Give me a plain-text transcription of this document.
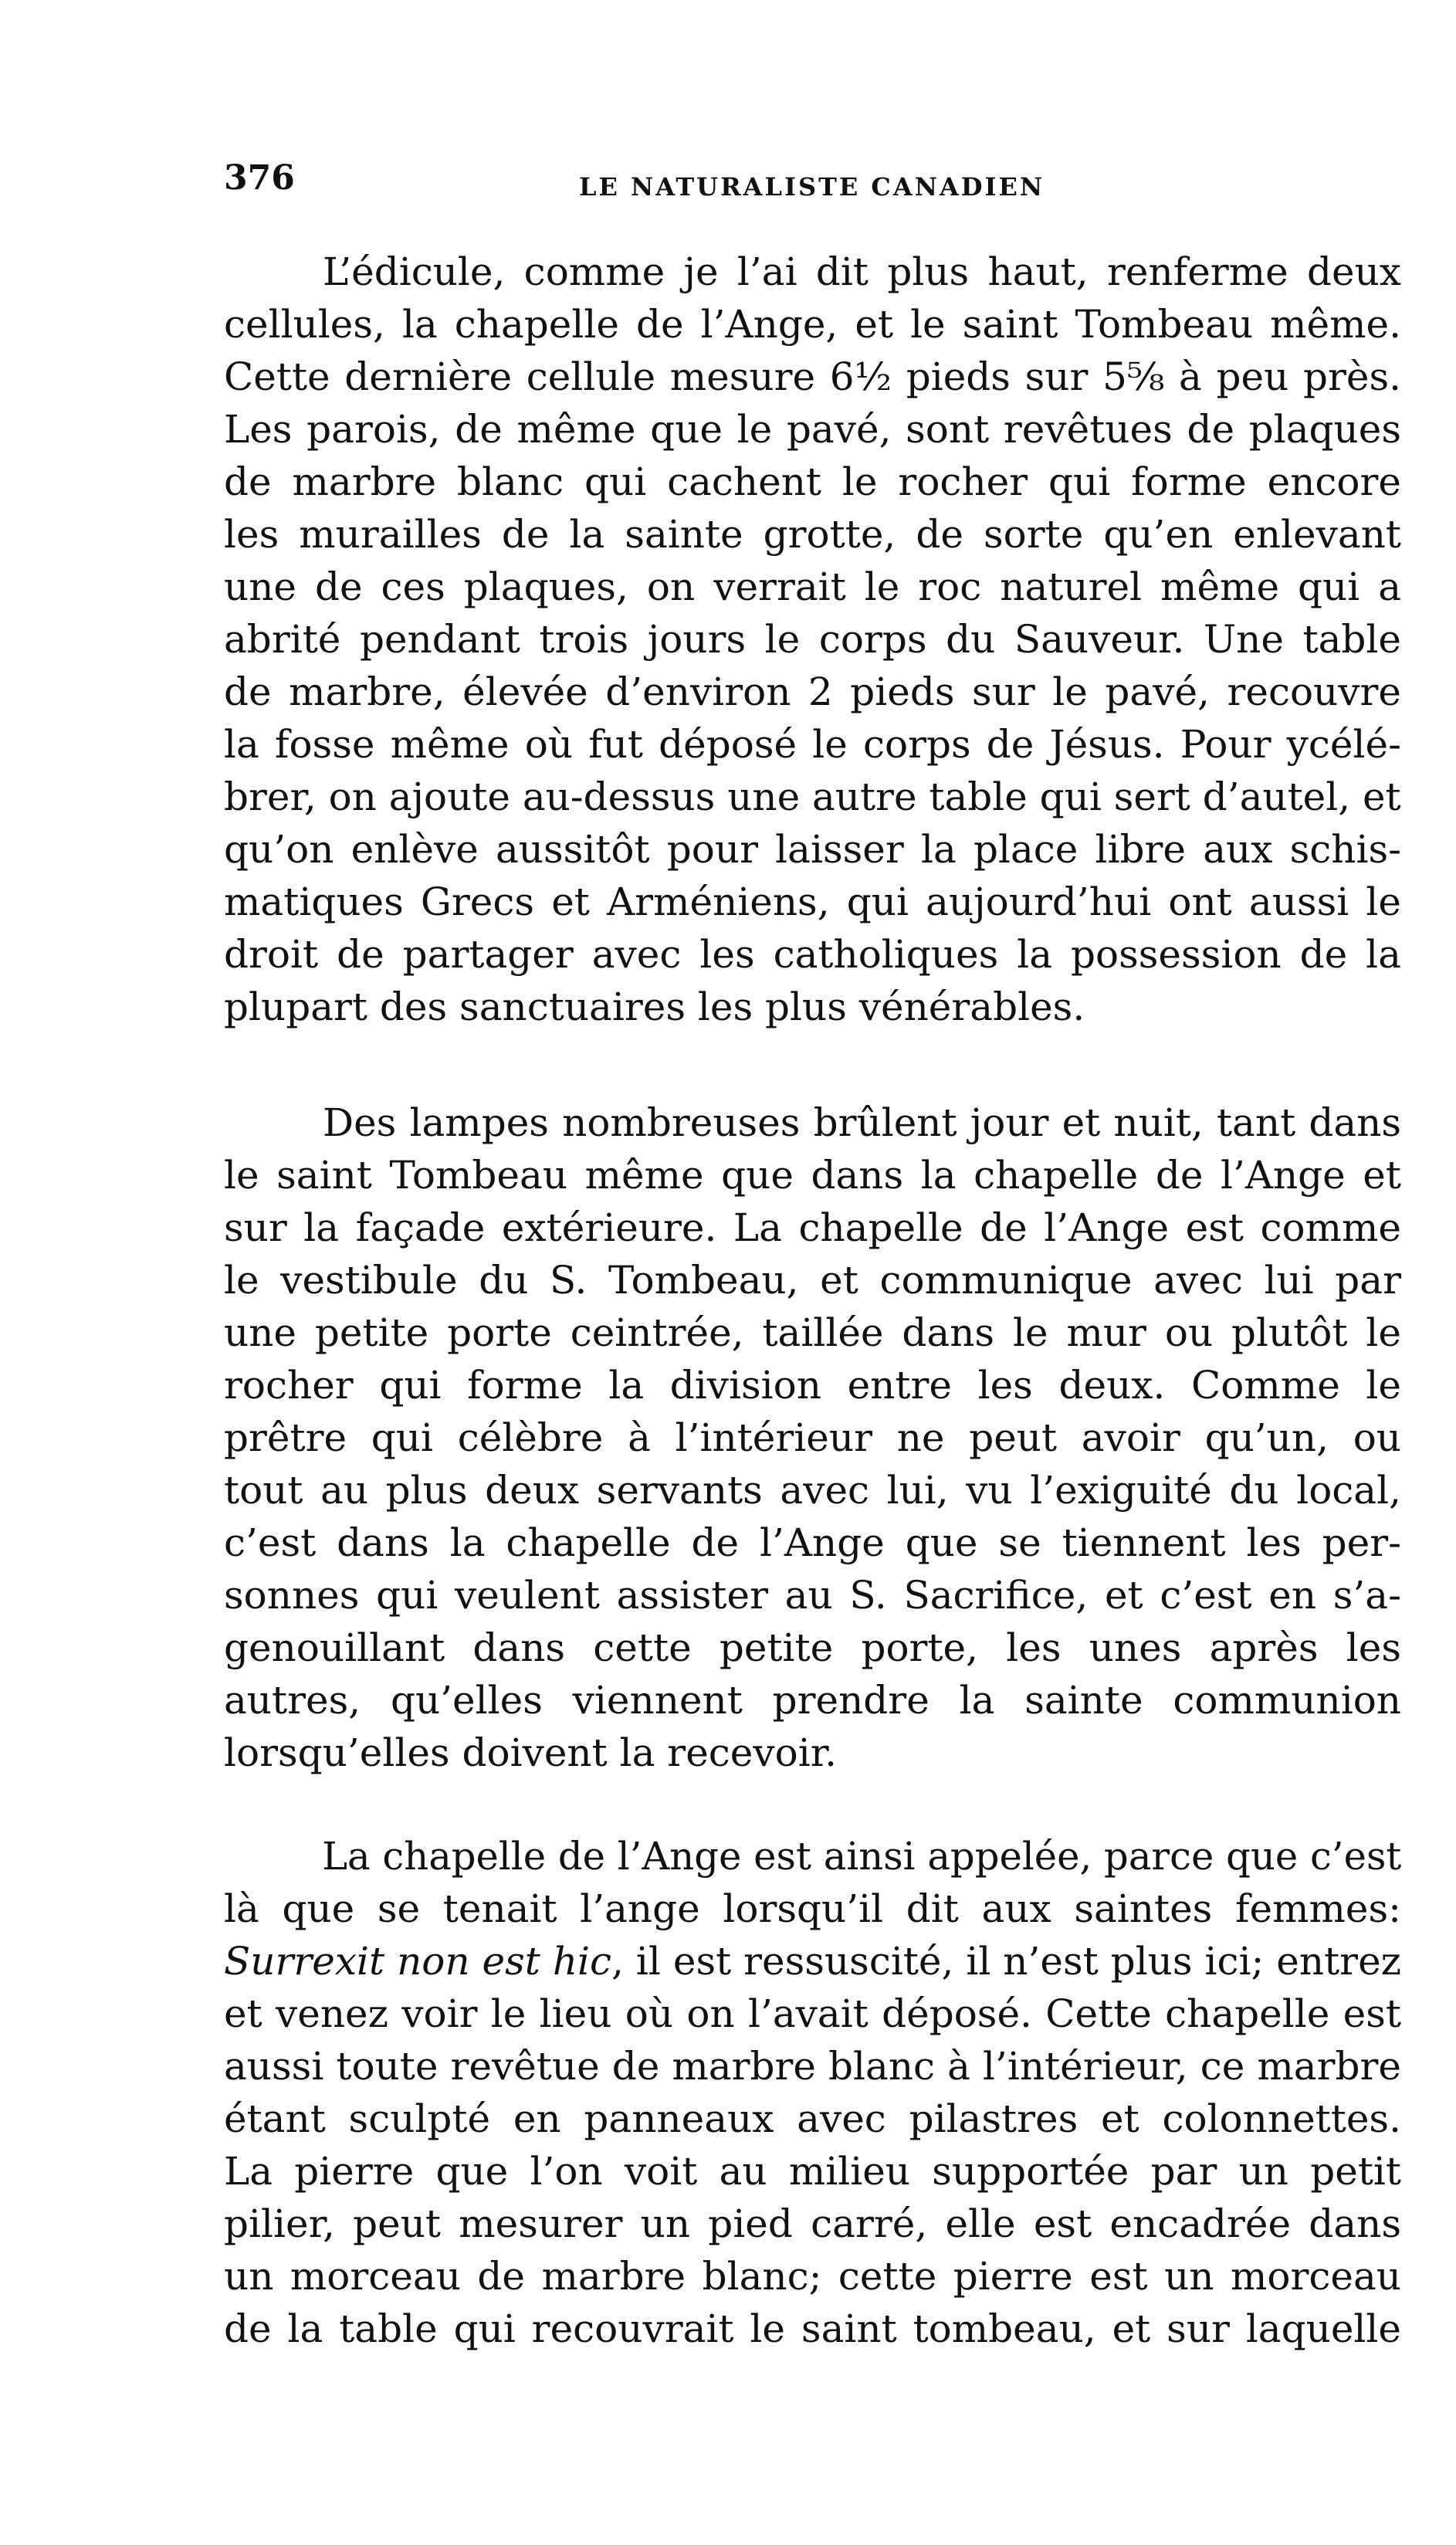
376	LE NATURALISTE CANADIEN
L’édicule, comme je l’ai dit plus haut, renferme deux
cellules, la chapelle de l’Ange, et le saint Tombeau même.
Cette dernière cellule mesure 6½ pieds sur 5⅝ à peu près.
Les parois, de même que le pavé, sont revêtues de plaques
de marbre blanc qui cachent le rocher qui forme encore
les murailles de la sainte grotte, de sorte qu’en enlevant
une de ces plaques, on verrait le roc naturel même qui a
abrité pendant trois jours le corps du Sauveur. Une table
de marbre, élevée d’environ 2 pieds sur le pavé, recouvre
la fosse même où fut déposé le corps de Jésus. Pour ycélé-
brer, on ajoute au-dessus une autre table qui sert d’autel, et
qu’on enlève aussitôt pour laisser la place libre aux schis-
matiques Grecs et Arméniens, qui aujourd’hui ont aussi le
droit de partager avec les catholiques la possession de la
plupart des sanctuaires les plus vénérables.
Des lampes nombreuses brûlent jour et nuit, tant dans
le saint Tombeau même que dans la chapelle de l’Ange et
sur la façade extérieure. La chapelle de l’Ange est comme
le vestibule du S. Tombeau, et communique avec lui par
une petite porte ceintrée, taillée dans le mur ou plutôt le
rocher qui forme la division entre les deux. Comme le
prêtre qui célèbre à l’intérieur ne peut avoir qu’un, ou
tout au plus deux servants avec lui, vu l’exiguité du local,
c’est dans la chapelle de l’Ange que se tiennent les per-
sonnes qui veulent assister au S. Sacrifice, et c’est en s’a-
genouillant dans cette petite porte, les unes après les
autres, qu’elles viennent prendre la sainte communion
lorsqu’elles doivent la recevoir.
La chapelle de l’Ange est ainsi appelée, parce que c’est
là que se tenait l’ange lorsqu’il dit aux saintes femmes:
Surrexit non est hic, il est ressuscité, il n’est plus ici; entrez
et venez voir le lieu où on l’avait déposé. Cette chapelle est
aussi toute revêtue de marbre blanc à l’intérieur, ce marbre
étant sculpté en panneaux avec pilastres et colonnettes.
La pierre que l’on voit au milieu supportée par un petit
pilier, peut mesurer un pied carré, elle est encadrée dans
un morceau de marbre blanc; cette pierre est un morceau
de la table qui recouvrait le saint tombeau, et sur laquelle
